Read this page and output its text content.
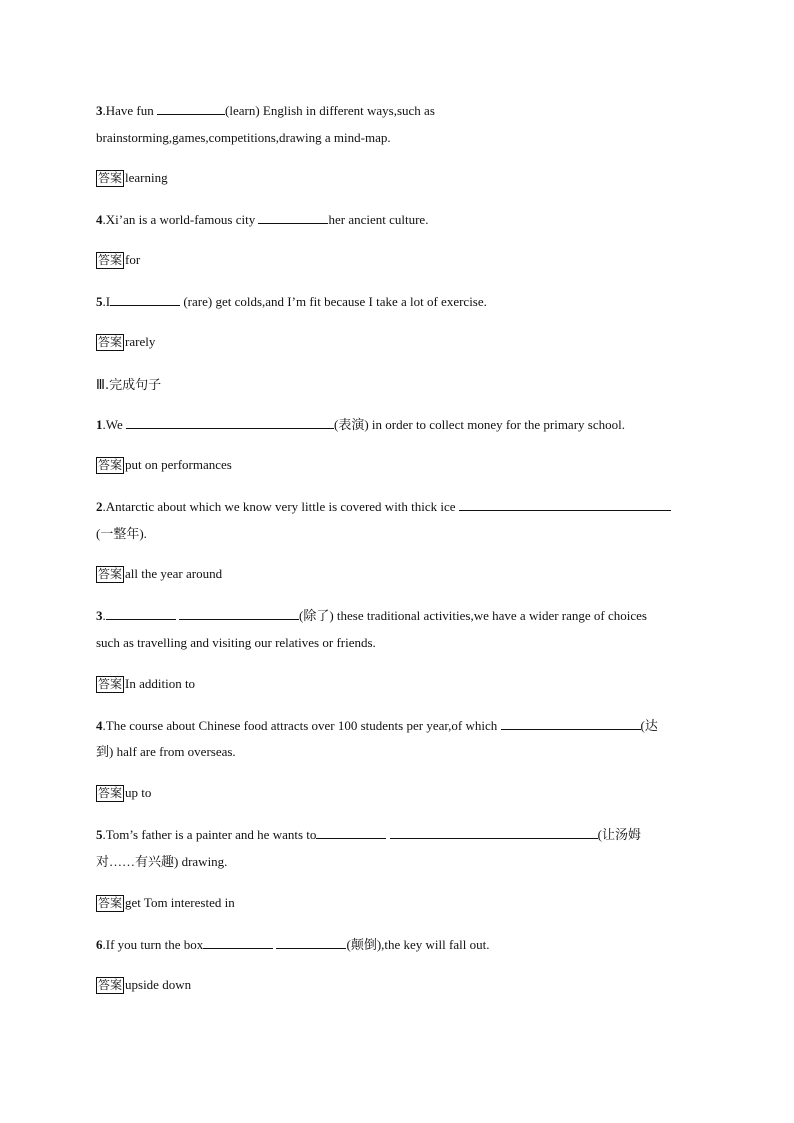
3.Have fun	(learn) English in different ways,such as
brainstorming,games,competitions,drawing a mind-map.
答案 learning
4.Xi’an is a world-famous city	her ancient culture.
答案 for
5.I	(rare) get colds,and I’m fit because I take a lot of exercise.
答案 rarely
Ⅲ.完成句子
1.We	(表演) in order to collect money for the primary school.
答案 put on performances
2.Antarctic about which we know very little is covered with thick ice
(一整年).
答案 all the year around
3.	(除了) these traditional activities,we have a wider range of choices
such as travelling and visiting our relatives or friends.
答案 In addition to
4.The course about Chinese food attracts over 100 students per year,of which	(达
到) half are from overseas.
答案 up to
5.Tom’s father is a painter and he wants to	(让汤姆
对……有兴趣) drawing.
答案 get Tom interested in
6.If you turn the box	(颠倒),the key will fall out.
答案 upside down
